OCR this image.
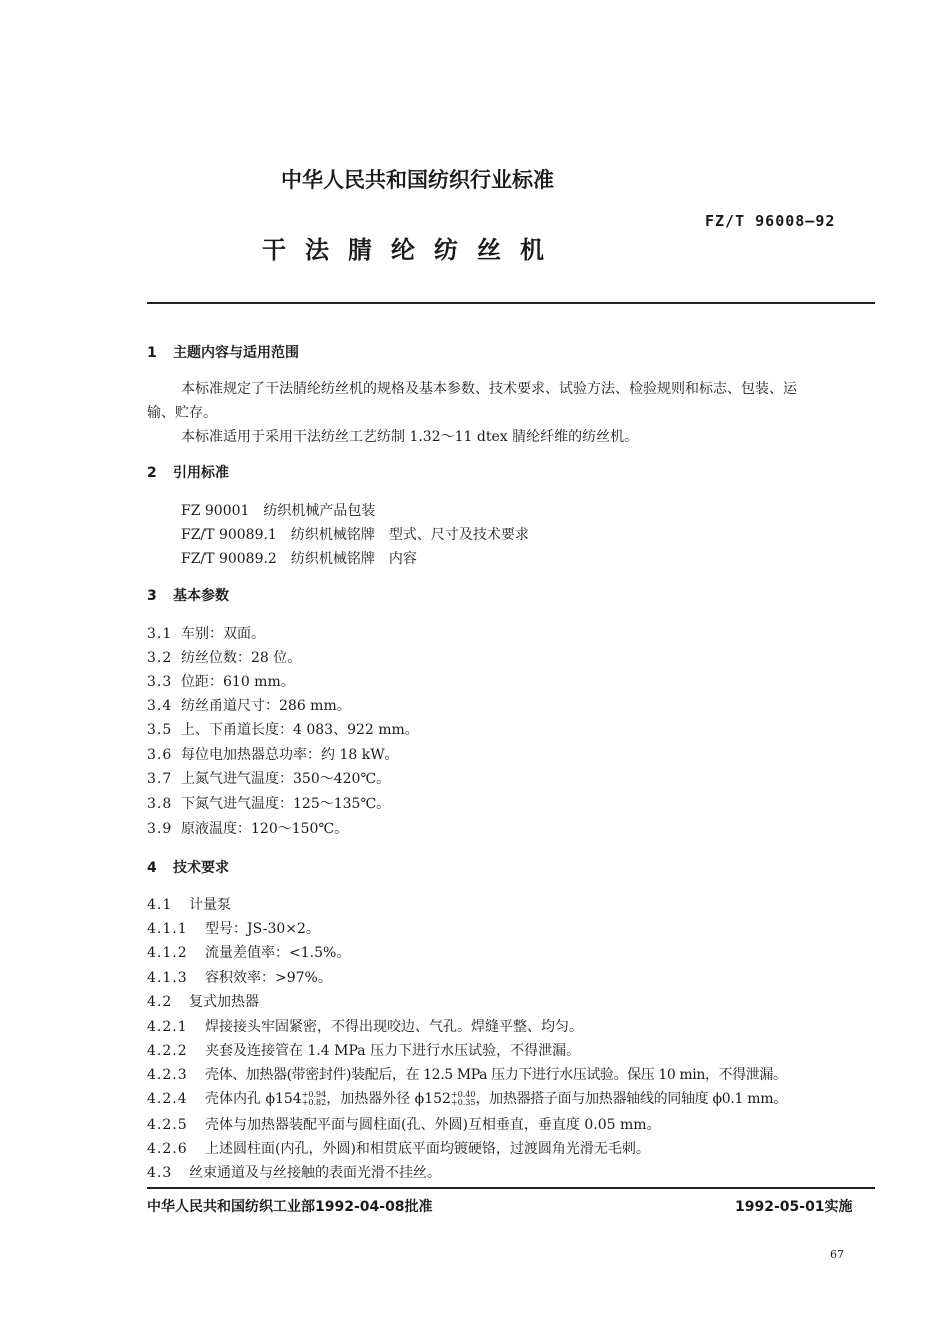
中华人民共和国纺织行业标准
FZ/T 96008—92
干法腈纶纺丝机
1 主题内容与适用范围
本标准规定了干法腈纶纺丝机的规格及基本参数、技术要求、试验方法、检验规则和标志、包装、运
输、贮存。
本标准适用于采用干法纺丝工艺纺制 1.32～11 dtex 腈纶纤维的纺丝机。
2 引用标准
FZ 90001　纺织机械产品包装
FZ/T 90089.1　纺织机械铭牌　型式、尺寸及技术要求
FZ/T 90089.2　纺织机械铭牌　内容
3 基本参数
3.1 车别：双面。
3.2 纺丝位数：28 位。
3.3 位距：610 mm。
3.4 纺丝甬道尺寸：286 mm。
3.5 上、下甬道长度：4 083、922 mm。
3.6 每位电加热器总功率：约 18 kW。
3.7 上氮气进气温度：350～420℃。
3.8 下氮气进气温度：125～135℃。
3.9 原液温度：120～150℃。
4 技术要求
4.1 计量泵
4.1.1 型号：JS-30×2。
4.1.2 流量差值率：<1.5%。
4.1.3 容积效率：>97%。
4.2 复式加热器
4.2.1 焊接接头牢固紧密，不得出现咬边、气孔。焊缝平整、均匀。
4.2.2 夹套及连接管在 1.4 MPa 压力下进行水压试验，不得泄漏。
4.2.3 壳体、加热器(带密封件)装配后，在 12.5 MPa 压力下进行水压试验。保压 10 min，不得泄漏。
4.2.4 壳体内孔 ϕ154 +0.94
+0.82 ，加热器外径 ϕ152 +0.40
+0.35 ，加热器搭子面与加热器轴线的同轴度 ϕ0.1 mm。
4.2.5 壳体与加热器装配平面与圆柱面(孔、外圆)互相垂直，垂直度 0.05 mm。
4.2.6 上述圆柱面(内孔，外圆)和相贯底平面均镀硬铬，过渡圆角光滑无毛刺。
4.3 丝束通道及与丝接触的表面光滑不挂丝。
中华人民共和国纺织工业部1992-04-08批准	1992-05-01实施
67
